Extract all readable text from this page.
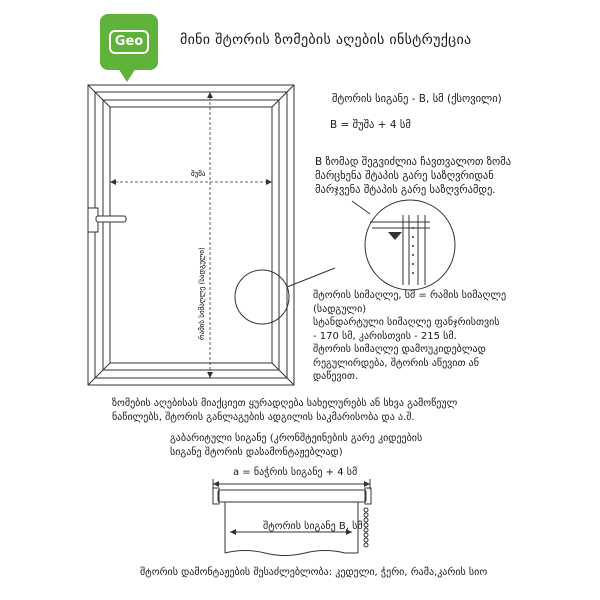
Geo	მინი შტორის ზომების აღების ინსტრუქცია
შუშა
რამის სიმაღლე (სადგული)
შტორის სიგანე - B, სმ (ქსოვილი)
B = შუშა + 4 სმ
B ზომად შეგვიძლია ჩავთვალოთ ზომა მარცხენა შტაპის გარე საზღვრიდან მარჯვენა შტაპის გარე საზღვრამდე.
შტორის სიმაღლე, სმ = რამის სიმაღლე
(სადგული)
სტანდარტული სიმაღლე ფანჯრისთვის
- 170 სმ, კარისთვის - 215 სმ.
შტორის სიმაღლე დამოუკიდებლად
რეგულირდება, შტორის აწევით ან
დაწევით.
ზომების აღებისას მიაქციეთ ყურადღება სახელურებს ან სხვა გამოწეულ
ნაწილებს, შტორის განლაგების ადგილის საკმარისობა და ა.შ.
გაბარიტული სიგანე (კრონშტეინების გარე კიდეების
სიგანე შტორის დასამონტაჟებლად)
a = ნაჭრის სიგანე + 4 სმ
შტორის სიგანე B, სმ
შტორის დამონტაჟების შესაძლებლობა: კედელი, ჭერი, რამა,კარის სიო
